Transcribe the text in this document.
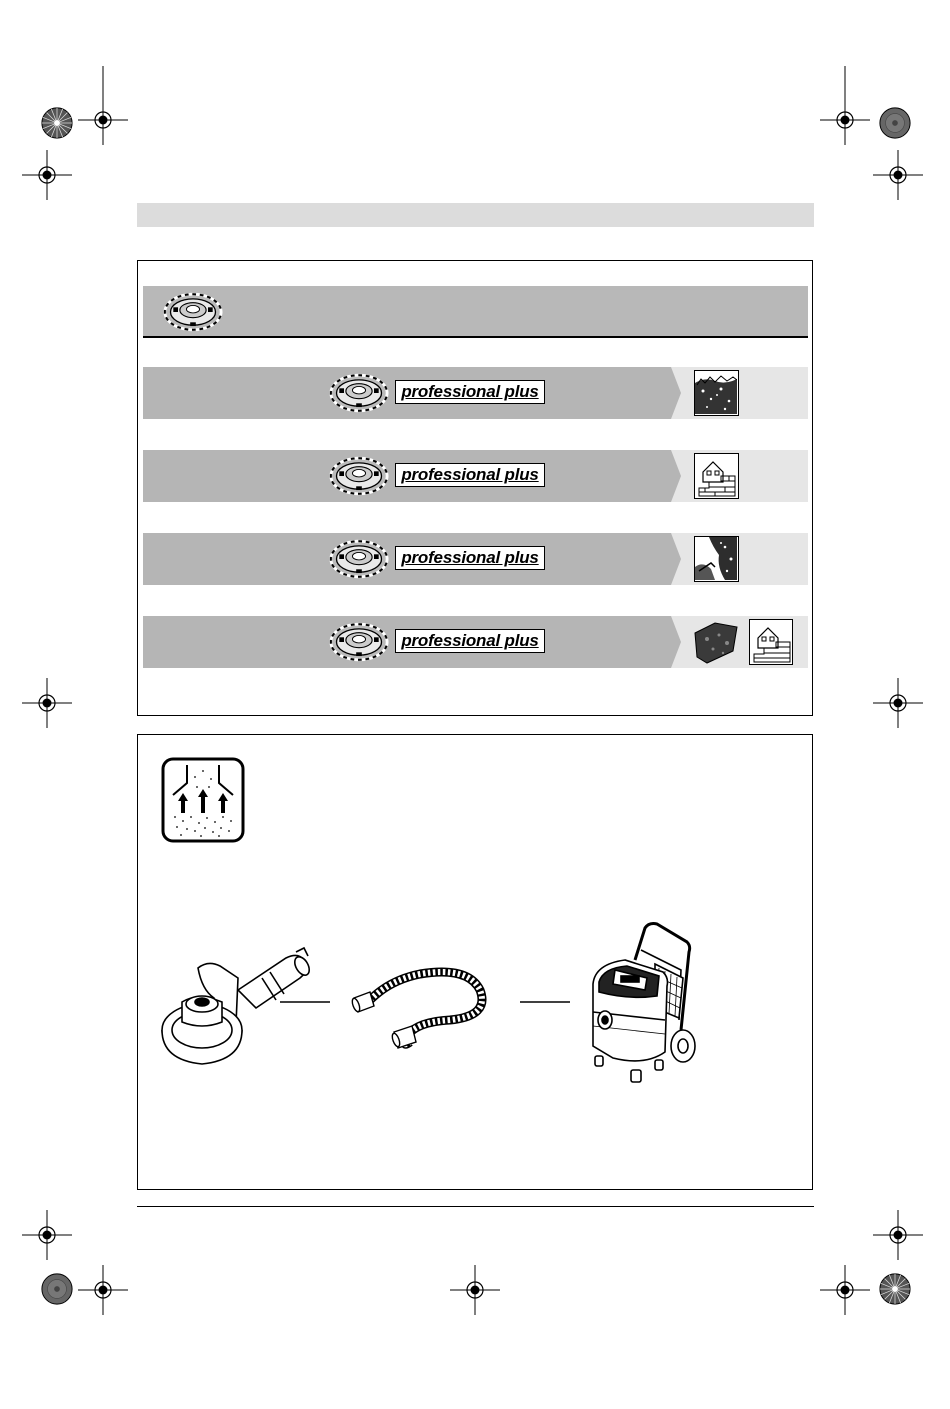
professional plus
professional plus
professional plus
professional plus
